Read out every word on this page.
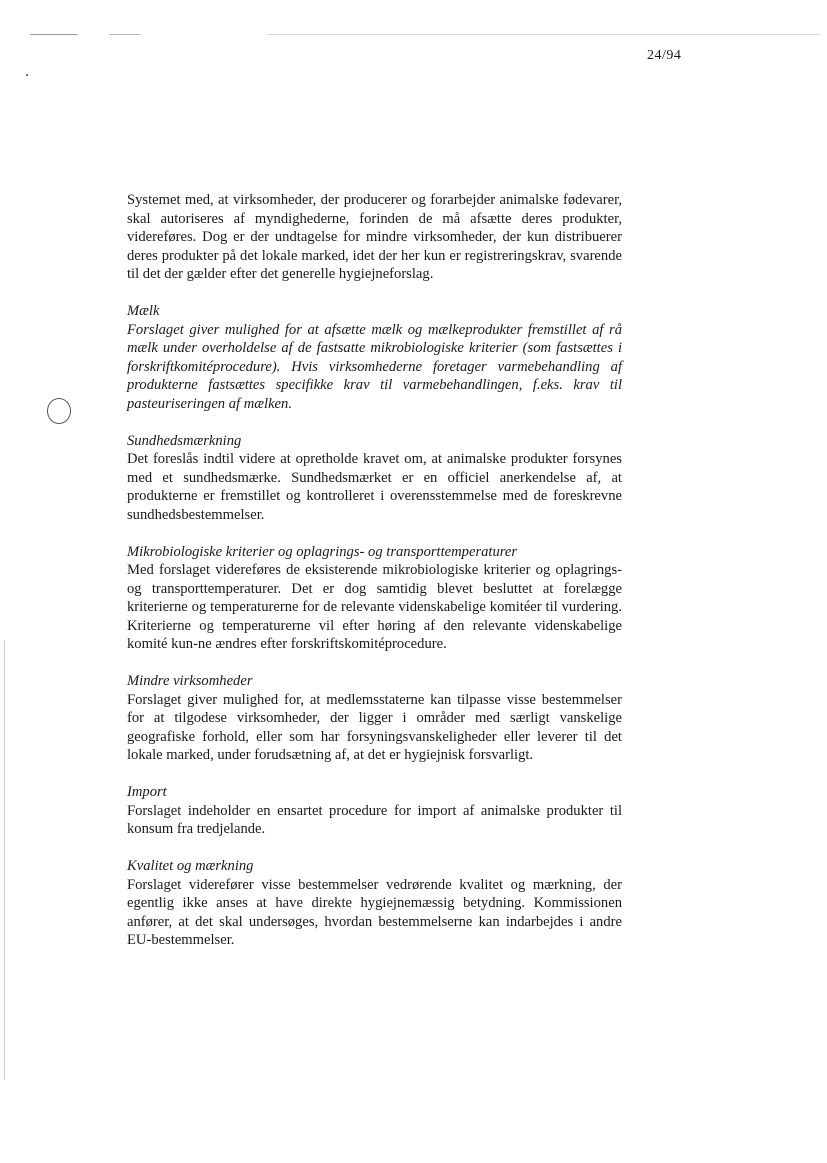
24/94

Systemet med, at virksomheder, der producerer og forarbejder animalske fødevarer, skal autoriseres af myndighederne, forinden de må afsætte deres produkter, videreføres. Dog er der undtagelse for mindre virksomheder, der kun distribuerer deres produkter på det lokale marked, idet der her kun er registreringskrav, svarende til det der gælder efter det generelle hygiejneforslag.

Mælk

Forslaget giver mulighed for at afsætte mælk og mælkeprodukter fremstillet af rå mælk under overholdelse af de fastsatte mikrobiologiske kriterier (som fastsættes i forskriftkomitéprocedure). Hvis virksomhederne foretager varmebehandling af produkterne fastsættes specifikke krav til varmebehandlingen, f.eks. krav til pasteuriseringen af mælken.

Sundhedsmærkning

Det foreslås indtil videre at opretholde kravet om, at animalske produkter forsynes med et sundhedsmærke. Sundhedsmærket er en officiel anerkendelse af, at produkterne er fremstillet og kontrolleret i overensstemmelse med de foreskrevne sundhedsbestemmelser.

Mikrobiologiske kriterier og oplagrings- og transporttemperaturer

Med forslaget videreføres de eksisterende mikrobiologiske kriterier og oplagrings- og transporttemperaturer. Det er dog samtidig blevet besluttet at forelægge kriterierne og temperaturerne for de relevante videnskabelige komitéer til vurdering. Kriterierne og temperaturerne vil efter høring af den relevante videnskabelige komité kun-ne ændres efter forskriftskomitéprocedure.

Mindre virksomheder

Forslaget giver mulighed for, at medlemsstaterne kan tilpasse visse bestemmelser for at tilgodese virksomheder, der ligger i områder med særligt vanskelige geografiske forhold, eller som har forsyningsvanskeligheder eller leverer til det lokale marked, under forudsætning af, at det er hygiejnisk forsvarligt.

Import

Forslaget indeholder en ensartet procedure for import af animalske produkter til konsum fra tredjelande.

Kvalitet og mærkning

Forslaget viderefører visse bestemmelser vedrørende kvalitet og mærkning, der egentlig ikke anses at have direkte hygiejnemæssig betydning. Kommissionen anfører, at det skal undersøges, hvordan bestemmelserne kan indarbejdes i andre EU-bestemmelser.
